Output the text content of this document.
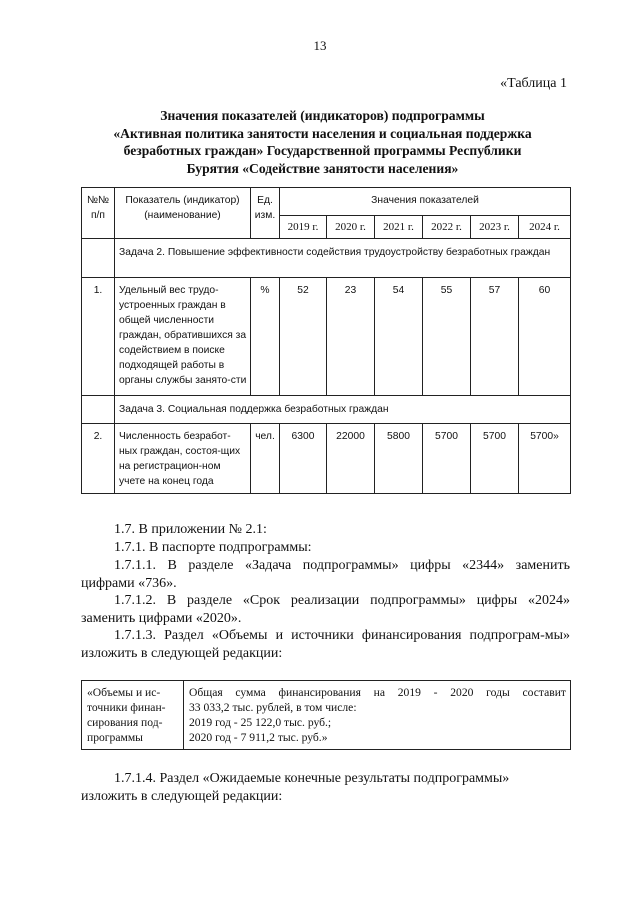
13
«Таблица 1
Значения показателей (индикаторов) подпрограммы
«Активная политика занятости населения и социальная поддержка
безработных граждан» Государственной программы Республики
Бурятия «Содействие занятости населения»
№№ п/п	Показатель (индикатор) (наименование)	Ед. изм.	Значения показателей					
			2019 г.	2020 г.	2021 г.	2022 г.	2023 г.	2024 г.
	Задача 2. Повышение эффективности содействия трудоустройству безработных граждан							
1.	Удельный вес трудо-устроенных граждан в общей численности граждан, обратившихся за содействием в поиске подходящей работы в органы службы занято-сти	%	52	23	54	55	57	60
	Задача 3. Социальная поддержка безработных граждан							
2.	Численность безработ-ных граждан, состоя-щих на регистрацион-ном учете на конец года	чел.	6300	22000	5800	5700	5700	5700»
1.7. В приложении № 2.1:
1.7.1. В паспорте подпрограммы:
1.7.1.1. В разделе «Задача подпрограммы» цифры «2344» заменить цифрами «736».
1.7.1.2. В разделе «Срок реализации подпрограммы» цифры «2024» заменить цифрами «2020».
1.7.1.3. Раздел «Объемы и источники финансирования подпрограм-мы» изложить в следующей редакции:
«Объемы и ис-точники финан-сирования под-программы	
Общая сумма финансирования на 2019 - 2020 годы составит
33 033,2 тыс. рублей, в том числе:
2019 год - 25 122,0 тыс. руб.;
2020 год - 7 911,2 тыс. руб.»
1.7.1.4. Раздел «Ожидаемые конечные результаты подпрограммы»
изложить в следующей редакции:
